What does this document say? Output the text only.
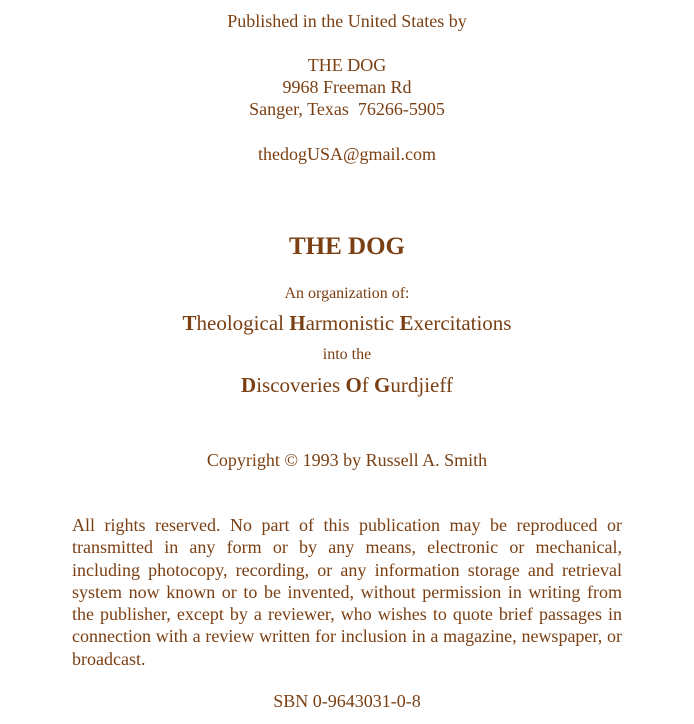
Published in the United States by
THE DOG
9968 Freeman Rd
Sanger, Texas  76266-5905
thedogUSA@gmail.com
THE DOG
An organization of:
Theological Harmonistic Exercitations
into the
Discoveries Of Gurdjieff
Copyright © 1993 by Russell A. Smith
All rights reserved. No part of this publication may be reproduced or transmitted in any form or by any means, electronic or mechanical, including photocopy, recording, or any information storage and retrieval system now known or to be invented, without permission in writing from the publisher, except by a reviewer, who wishes to quote brief passages in connection with a review written for inclusion in a magazine, newspaper, or broadcast.
SBN 0-9643031-0-8
